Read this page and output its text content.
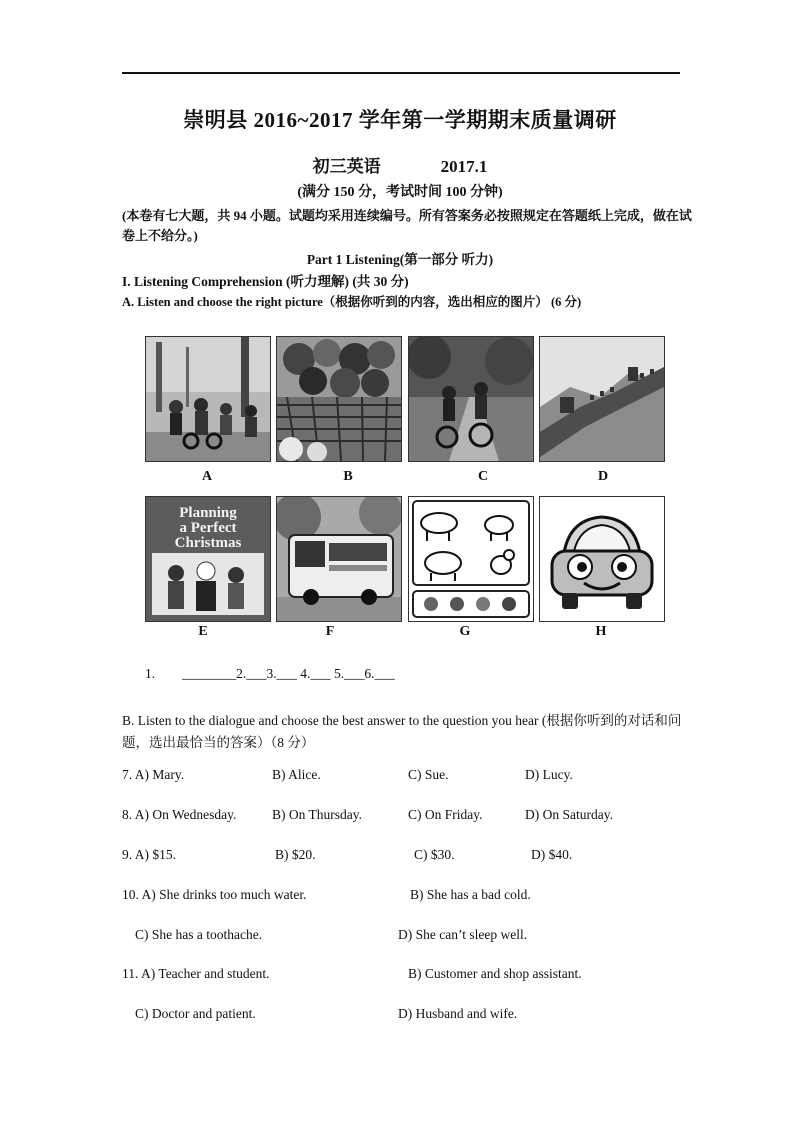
崇明县 2016~2017 学年第一学期期末质量调研
初三英语	2017.1
(满分 150 分，考试时间 100 分钟)
(本卷有七大题，共 94 小题。试题均采用连续编号。所有答案务必按照规定在答题纸上完成，做在试卷上不给分。)
Part 1 Listening(第一部分 听力)
I. Listening Comprehension (听力理解) (共 30 分)
A. Listen and choose the right picture（根据你听到的内容，选出相应的图片） (6 分)
A	B	C	D
Planning
a Perfect
Christmas
E	F	G	H
1.        ________2.___3.___ 4.___ 5.___6.___
B. Listen to the dialogue and choose the best answer to the question you hear (根据你听到的对话和问题，选出最恰当的答案）（8 分）
7. A) Mary.	B) Alice.	C) Sue.	D) Lucy.
8. A) On Wednesday.	B) On Thursday.	C) On Friday.	D) On Saturday.
9. A) $15.	B) $20.	C) $30.	D) $40.
10. A) She drinks too much water.	B) She has a bad cold.
C) She has a toothache.	D) She can’t sleep well.
11. A) Teacher and student.	B) Customer and shop assistant.
C) Doctor and patient.	D) Husband and wife.
